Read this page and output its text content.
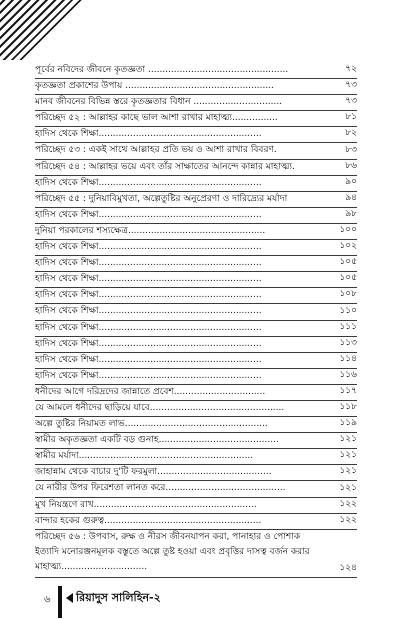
পূর্বের নবিদের জীবনে কৃতজ্ঞতা .................................................	৭২
কৃতজ্ঞতা প্রকাশের উপায় ....................................................	৭৩
মানব জীবনের বিভিন্ন স্তরে কৃতজ্ঞতার বিধান ...............................	৭৩
পরিচ্ছেদ ৫২ : আল্লাহর কাছে ভাল আশা রাখার মাহাত্ম্য................	৮১
হাদিস থেকে শিক্ষা.........................................................	৮২
পরিচ্ছেদ ৫৩ : একই সাথে আল্লাহর প্রতি ভয় ও আশা রাখার বিবরণ.	৮৩
পরিচ্ছেদ ৫৪ : আল্লাহর ভয়ে এবং তাঁর সাক্ষাতের আনন্দে কান্নার মাহাত্ম্য.	৮৬
হাদিস থেকে শিক্ষা.........................................................	৯০
পরিচ্ছেদ ৫৫ : দুনিয়াবিমুখতা, অল্পেতুষ্টির অনুপ্রেরণা ও দারিদ্র্যের মর্যাদা	৯৪
হাদিস থেকে শিক্ষা.........................................................	৯৮
দুনিয়া পরকালের শস্যক্ষেত্র................................................	১০০
হাদিস থেকে শিক্ষা.........................................................	১০২
হাদিস থেকে শিক্ষা.........................................................	১০৫
হাদিস থেকে শিক্ষা.........................................................	১০৫
হাদিস থেকে শিক্ষা.........................................................	১০৮
হাদিস থেকে শিক্ষা.........................................................	১১০
হাদিস থেকে শিক্ষা.........................................................	১১১
হাদিস থেকে শিক্ষা.........................................................	১১৩
হাদিস থেকে শিক্ষা.........................................................	১১৪
হাদিস থেকে শিক্ষা.........................................................	১১৬
ধনীদের আগে দরিদ্রদের জান্নাতে প্রবেশ................................	১১৭
যে আমলে ধনীদের ছাড়িয়ে যাবে...............................................	১১৮
অল্পে তুষ্টির নিয়ামত লাভ..................................................	১১৯
স্বামীর অকৃতজ্ঞতা একটি বড় গুনাহ..........................................	১২১
স্বামীর মর্যাদা.............................................................	১২১
জাহান্নাম থেকে বাচার দু'টি ফরমুলা........................................	১২১
যে নারীর উপর ফিরেশতা লানত করে..........................................	১২১
মুখ নিয়ন্ত্রণে রাখ.........................................................	১২২
বান্দার হকের গুরুত্ব.......................................................	১২২
পরিচ্ছেদ ৫৬ : উপবাস, রুক্ষ ও নীরস জীবনযাপন করা, পানাহার ও পোশাক ইত্যাদি মনোরঞ্জনমূলক বস্তুতে অল্পে তুষ্ট হওয়া এবং প্রবৃত্তির দাসত্ব বর্জন করার মাহাত্ম্য..............................	১২৪
৬ রিয়াদুস সালিহিন-২
